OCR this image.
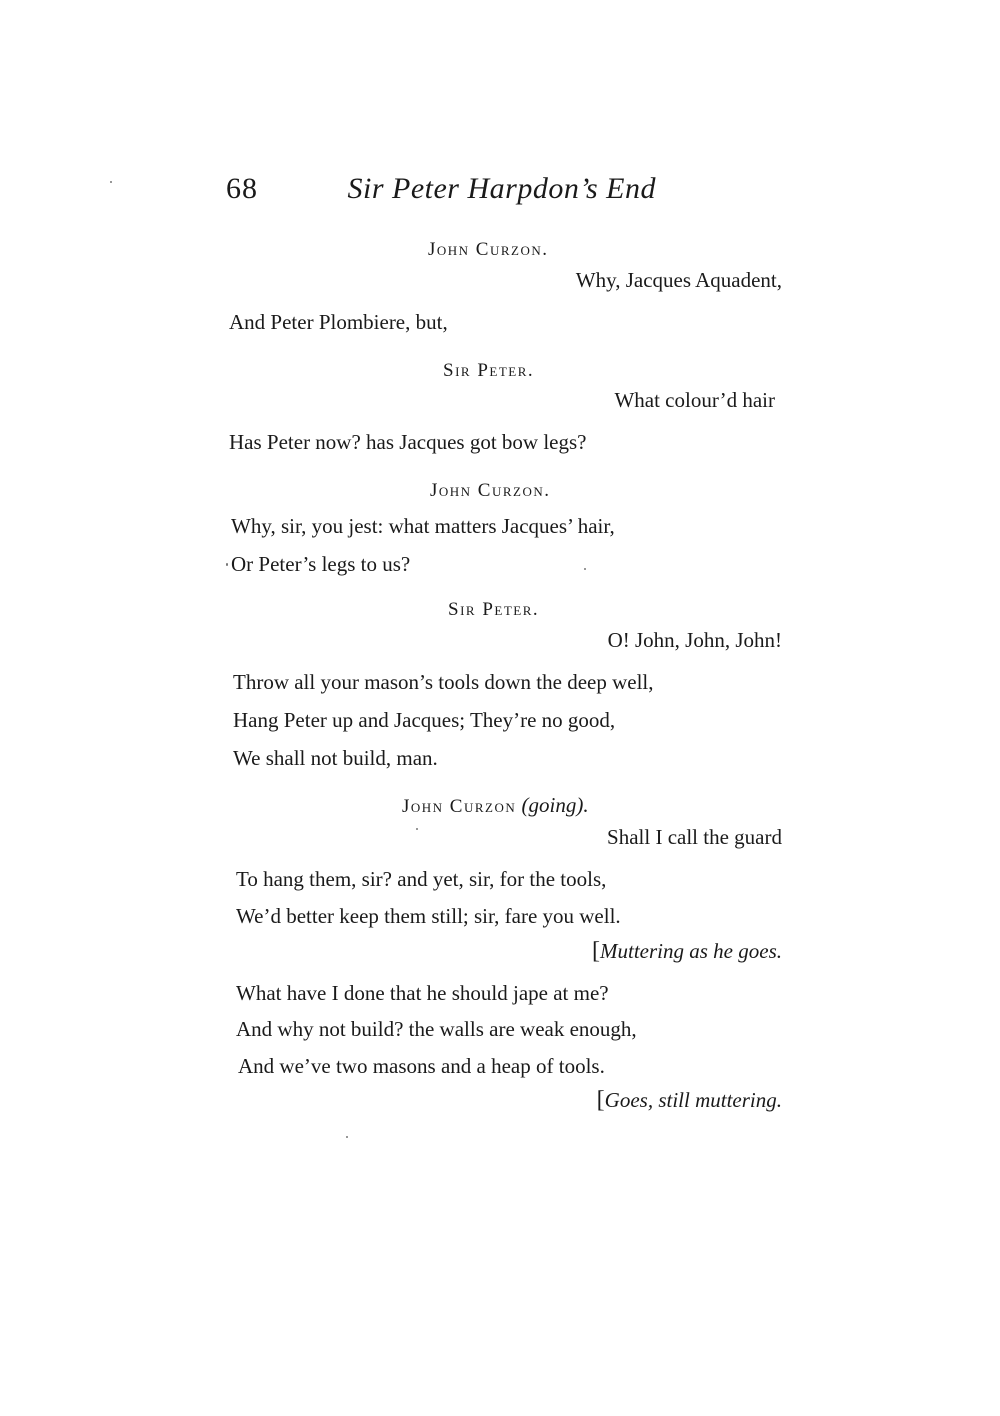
68	Sir Peter Harpdon’s End
John Curzon.
Why, Jacques Aquadent,
And Peter Plombiere, but,
Sir Peter.
What colour’d hair
Has Peter now? has Jacques got bow legs?
John Curzon.
Why, sir, you jest: what matters Jacques’ hair,
Or Peter’s legs to us?
Sir Peter.
O! John, John, John!
Throw all your mason’s tools down the deep well,
Hang Peter up and Jacques; They’re no good,
We shall not build, man.
John Curzon (going).
Shall I call the guard
To hang them, sir? and yet, sir, for the tools,
We’d better keep them still; sir, fare you well.
[Muttering as he goes.
What have I done that he should jape at me?
And why not build? the walls are weak enough,
And we’ve two masons and a heap of tools.
[Goes, still muttering.
